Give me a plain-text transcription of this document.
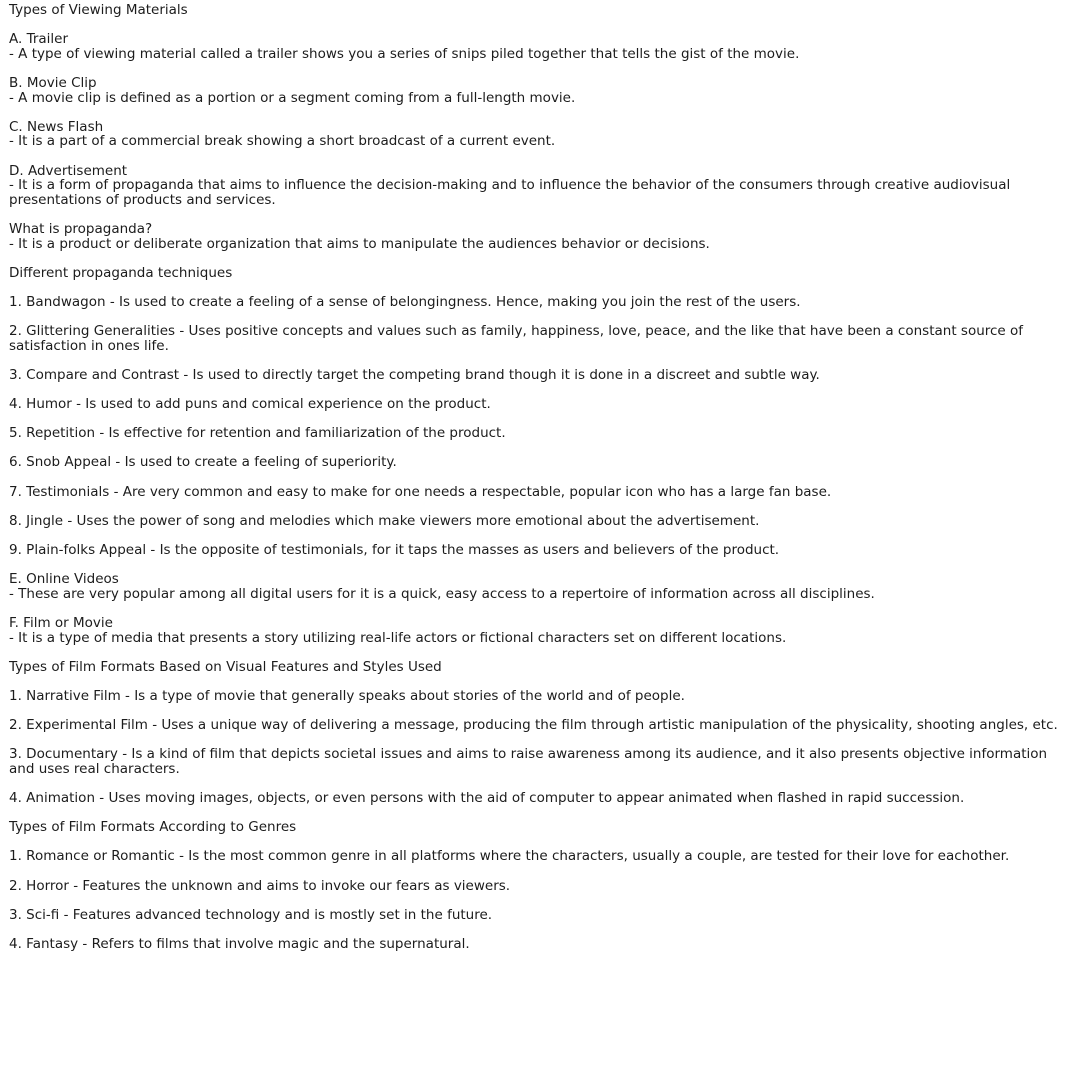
Types of Viewing Materials
A. Trailer
- A type of viewing material called a trailer shows you a series of snips piled together that tells the gist of the movie.
B. Movie Clip
- A movie clip is defined as a portion or a segment coming from a full-length movie.
C. News Flash
- It is a part of a commercial break showing a short broadcast of a current event.
D. Advertisement
- It is a form of propaganda that aims to influence the decision-making and to influence the behavior of the consumers through creative audiovisual presentations of products and services.
What is propaganda?
- It is a product or deliberate organization that aims to manipulate the audiences behavior or decisions.
Different propaganda techniques
1. Bandwagon - Is used to create a feeling of a sense of belongingness. Hence, making you join the rest of the users.
2. Glittering Generalities - Uses positive concepts and values such as family, happiness, love, peace, and the like that have been a constant source of satisfaction in ones life.
3. Compare and Contrast - Is used to directly target the competing brand though it is done in a discreet and subtle way.
4. Humor - Is used to add puns and comical experience on the product.
5. Repetition - Is effective for retention and familiarization of the product.
6. Snob Appeal - Is used to create a feeling of superiority.
7. Testimonials - Are very common and easy to make for one needs a respectable, popular icon who has a large fan base.
8. Jingle - Uses the power of song and melodies which make viewers more emotional about the advertisement.
9. Plain-folks Appeal - Is the opposite of testimonials, for it taps the masses as users and believers of the product.
E. Online Videos
- These are very popular among all digital users for it is a quick, easy access to a repertoire of information across all disciplines.
F. Film or Movie
- It is a type of media that presents a story utilizing real-life actors or fictional characters set on different locations.
Types of Film Formats Based on Visual Features and Styles Used
1. Narrative Film - Is a type of movie that generally speaks about stories of the world and of people.
2. Experimental Film - Uses a unique way of delivering a message, producing the film through artistic manipulation of the physicality, shooting angles, etc.
3. Documentary - Is a kind of film that depicts societal issues and aims to raise awareness among its audience, and it also presents objective information and uses real characters.
4. Animation - Uses moving images, objects, or even persons with the aid of computer to appear animated when flashed in rapid succession.
Types of Film Formats According to Genres
1. Romance or Romantic - Is the most common genre in all platforms where the characters, usually a couple, are tested for their love for eachother.
2. Horror - Features the unknown and aims to invoke our fears as viewers.
3. Sci-fi - Features advanced technology and is mostly set in the future.
4. Fantasy - Refers to films that involve magic and the supernatural.
